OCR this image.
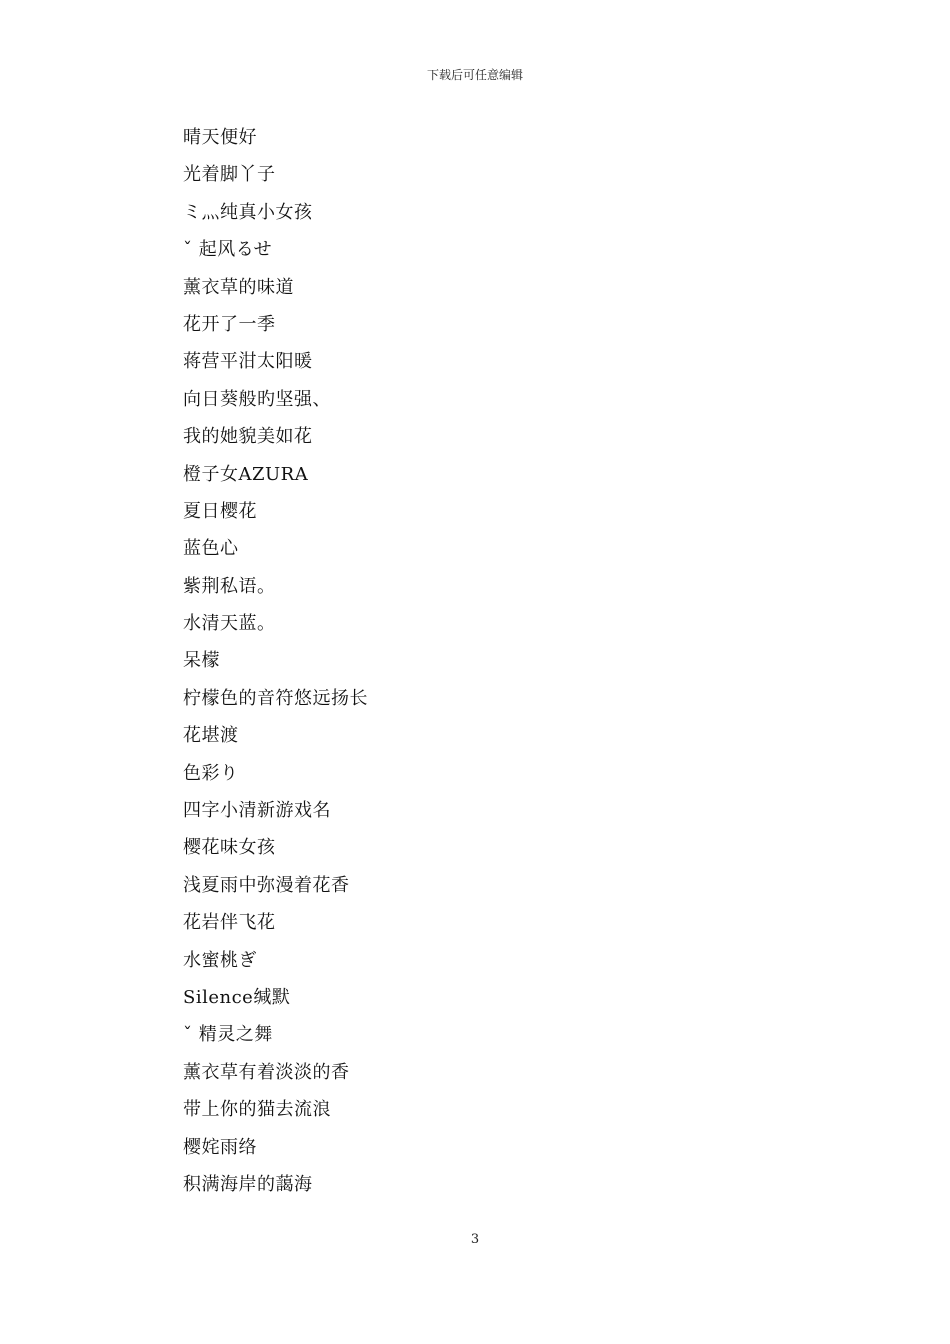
下载后可任意编辑
晴天便好
光着脚丫子
ミ灬纯真小女孩
ˇ 起风るせ
薰衣草的味道
花开了一季
蒋营平泔太阳暖
向日葵般旳坚强、
我的她貌美如花
橙子女AZURA
夏日樱花
蓝色心
紫荆私语。
水清天蓝。
呆檬
柠檬色的音符悠远扬长
花堪渡
色彩り
四字小清新游戏名
樱花味女孩
浅夏雨中弥漫着花香
花岩伴飞花
水蜜桃ぎ
Silence缄默
ˇ 精灵之舞
薰衣草有着淡淡的香
带上你的猫去流浪
樱姹雨络
积满海岸的藹海
3
